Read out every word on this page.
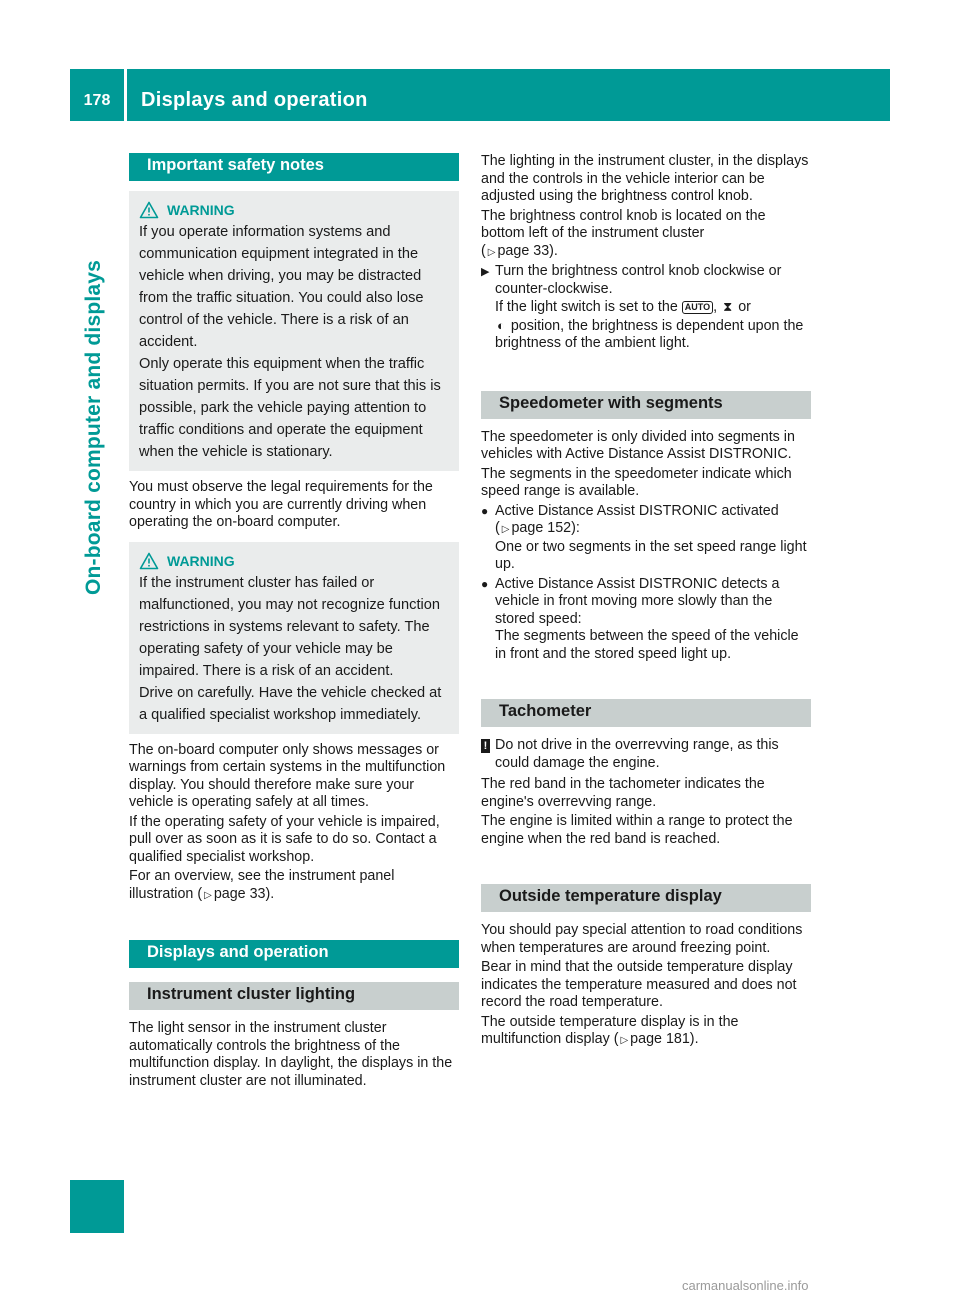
178	Displays and operation
On-board computer and displays
Important safety notes
WARNING

If you operate information systems and communication equipment integrated in the vehicle when driving, you may be distracted from the traffic situation. You could also lose control of the vehicle. There is a risk of an accident.

Only operate this equipment when the traffic situation permits. If you are not sure that this is possible, park the vehicle paying attention to traffic conditions and operate the equipment when the vehicle is stationary.

You must observe the legal requirements for the country in which you are currently driving when operating the on-board computer.

WARNING

If the instrument cluster has failed or malfunctioned, you may not recognize function restrictions in systems relevant to safety. The operating safety of your vehicle may be impaired. There is a risk of an accident.

Drive on carefully. Have the vehicle checked at a qualified specialist workshop immediately.

The on-board computer only shows messages or warnings from certain systems in the multifunction display. You should therefore make sure your vehicle is operating safely at all times.

If the operating safety of your vehicle is impaired, pull over as soon as it is safe to do so. Contact a qualified specialist workshop.

For an overview, see the instrument panel illustration ( ▷ page 33).

Displays and operation
Instrument cluster lighting

The light sensor in the instrument cluster automatically controls the brightness of the multifunction display. In daylight, the displays in the instrument cluster are not illuminated.

The lighting in the instrument cluster, in the displays and the controls in the vehicle interior can be adjusted using the brightness control knob.

The brightness control knob is located on the bottom left of the instrument cluster
( ▷ page 33).

▶ Turn the brightness control knob clockwise or counter-clockwise.
If the light switch is set to the AUTO , ⧗ or
◐ position, the brightness is dependent upon the brightness of the ambient light.
Speedometer with segments

The speedometer is only divided into segments in vehicles with Active Distance Assist DISTRONIC.

The segments in the speedometer indicate which speed range is available.

● Active Distance Assist DISTRONIC activated
( ▷ page 152):
One or two segments in the set speed range light up.
● Active Distance Assist DISTRONIC detects a vehicle in front moving more slowly than the stored speed:
The segments between the speed of the vehicle in front and the stored speed light up.
Tachometer
! Do not drive in the overrevving range, as this could damage the engine.

The red band in the tachometer indicates the engine's overrevving range.

The engine is limited within a range to protect the engine when the red band is reached.

Outside temperature display

You should pay special attention to road conditions when temperatures are around freezing point.

Bear in mind that the outside temperature display indicates the temperature measured and does not record the road temperature.

The outside temperature display is in the multifunction display ( ▷ page 181).

carmanualsonline.info
